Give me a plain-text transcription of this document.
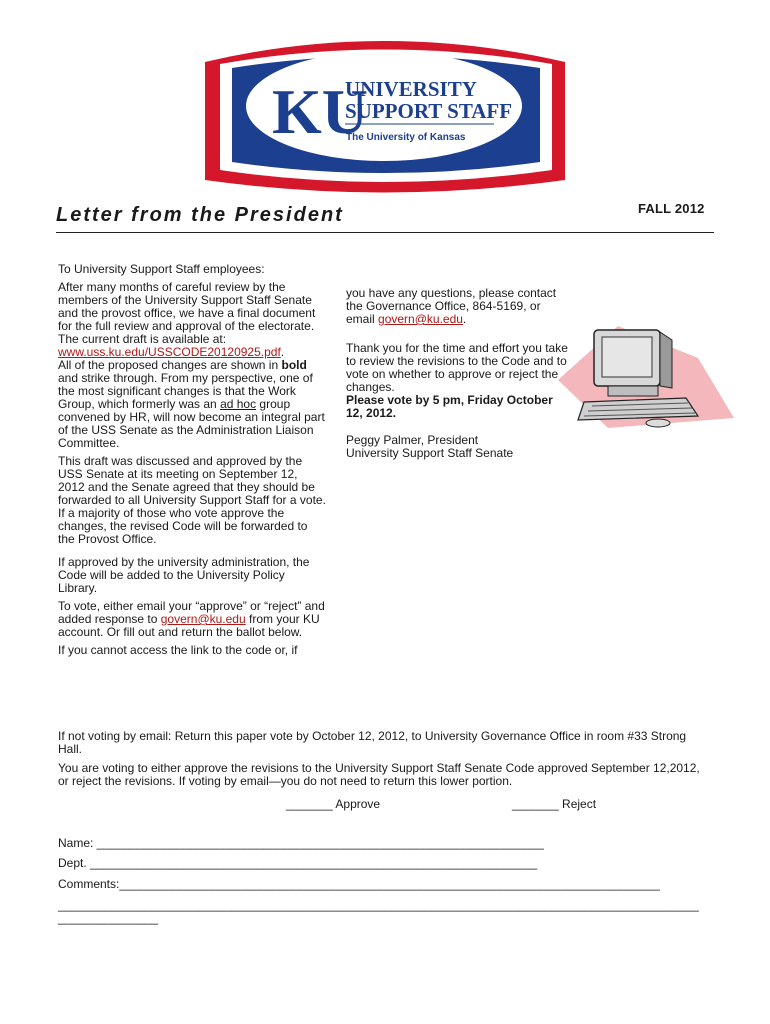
KU
UNIVERSITY
SUPPORT STAFF
The University of Kansas
FALL 2012
Letter from the President

To University Support Staff employees:

After many months of careful review by the members of the University Support Staff Senate and the provost office, we have a final document for the full review and approval of the electorate. The current draft is available at: www.uss.ku.edu/USSCODE20120925.pdf.
All of the proposed changes are shown in bold and strike through. From my perspective, one of the most significant changes is that the Work Group, which formerly was an ad hoc group convened by HR, will now become an integral part of the USS Senate as the Administration Liaison Committee.

This draft was discussed and approved by the USS Senate at its meeting on September 12, 2012 and the Senate agreed that they should be forwarded to all University Support Staff for a vote. If a majority of those who vote approve the changes, the revised Code will be forwarded to the Provost Office.

If approved by the university administration, the Code will be added to the University Policy Library.

To vote, either email your “approve” or “reject” and added response to govern@ku.edu from your KU account. Or fill out and return the ballot below.

If you cannot access the link to the code or, if

you have any questions, please contact the Governance Office, 864-5169, or email govern@ku.edu.

Thank you for the time and effort you take to review the revisions to the Code and to vote on whether to approve or reject the changes.
Please vote by 5 pm, Friday October 12, 2012.

Peggy Palmer, President
University Support Staff Senate

If not voting by email: Return this paper vote by October 12, 2012, to University Governance Office in room #33 Strong Hall.

You are voting to either approve the revisions to the University Support Staff Senate Code approved September 12,2012, or reject the revisions. If voting by email—you do not need to return this lower portion.

_______ Approve	_______ Reject
Name: ___________________________________________________________________
Dept. ___________________________________________________________________
Comments:_________________________________________________________________________________
________________________________________________________________________________________________
_______________
